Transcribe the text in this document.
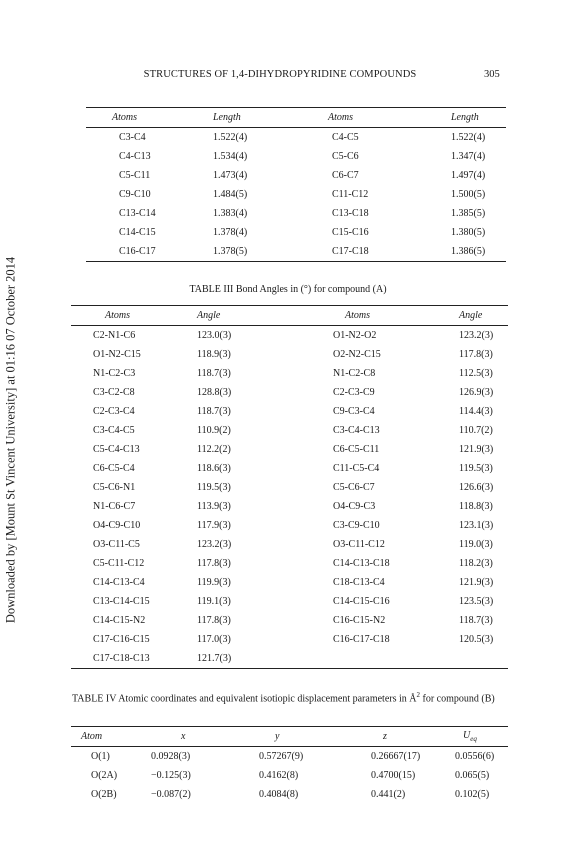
Downloaded by [Mount St Vincent University] at 01:16 07 October 2014
STRUCTURES OF 1,4-DIHYDROPYRIDINE COMPOUNDS	305
Atoms	Length	Atoms	Length
C3-C4	1.522(4)	C4-C5	1.522(4)
C4-C13	1.534(4)	C5-C6	1.347(4)
C5-C11	1.473(4)	C6-C7	1.497(4)
C9-C10	1.484(5)	C11-C12	1.500(5)
C13-C14	1.383(4)	C13-C18	1.385(5)
C14-C15	1.378(4)	C15-C16	1.380(5)
C16-C17	1.378(5)	C17-C18	1.386(5)
TABLE III Bond Angles in (°) for compound (A)
Atoms	Angle	Atoms	Angle
C2-N1-C6	123.0(3)	O1-N2-O2	123.2(3)
O1-N2-C15	118.9(3)	O2-N2-C15	117.8(3)
N1-C2-C3	118.7(3)	N1-C2-C8	112.5(3)
C3-C2-C8	128.8(3)	C2-C3-C9	126.9(3)
C2-C3-C4	118.7(3)	C9-C3-C4	114.4(3)
C3-C4-C5	110.9(2)	C3-C4-C13	110.7(2)
C5-C4-C13	112.2(2)	C6-C5-C11	121.9(3)
C6-C5-C4	118.6(3)	C11-C5-C4	119.5(3)
C5-C6-N1	119.5(3)	C5-C6-C7	126.6(3)
N1-C6-C7	113.9(3)	O4-C9-C3	118.8(3)
O4-C9-C10	117.9(3)	C3-C9-C10	123.1(3)
O3-C11-C5	123.2(3)	O3-C11-C12	119.0(3)
C5-C11-C12	117.8(3)	C14-C13-C18	118.2(3)
C14-C13-C4	119.9(3)	C18-C13-C4	121.9(3)
C13-C14-C15	119.1(3)	C14-C15-C16	123.5(3)
C14-C15-N2	117.8(3)	C16-C15-N2	118.7(3)
C17-C16-C15	117.0(3)	C16-C17-C18	120.5(3)
C17-C18-C13	121.7(3)		
TABLE IV Atomic coordinates and equivalent isotiopic displacement parameters in $Å^2$ for compound (B)
Atom	x	y	z	$U_{eq}$
O(1)	0.0928(3)	0.57267(9)	0.26667(17)	0.0556(6)
O(2A)	−0.125(3)	0.4162(8)	0.4700(15)	0.065(5)
O(2B)	−0.087(2)	0.4084(8)	0.441(2)	0.102(5)
